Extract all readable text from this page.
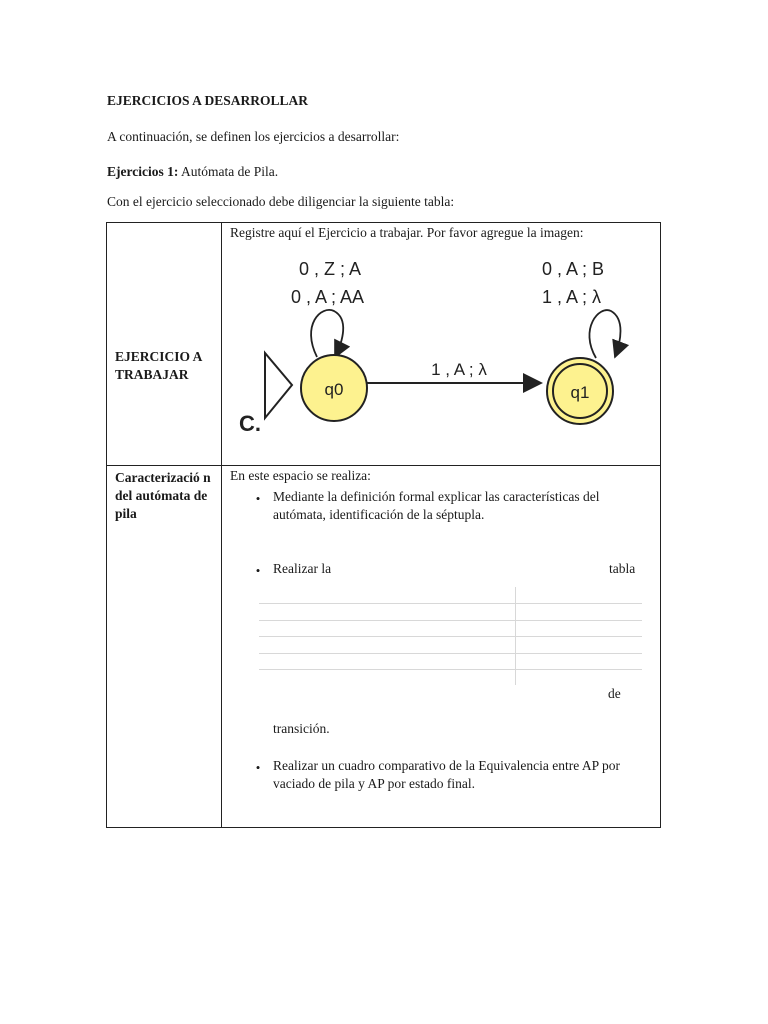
EJERCICIOS A DESARROLLAR
A continuación, se definen los ejercicios a desarrollar:
Ejercicios 1: Autómata de Pila.
Con el ejercicio seleccionado debe diligenciar la siguiente tabla:
EJERCICIO A
TRABAJAR
Registre aquí el Ejercicio a trabajar. Por favor agregue la imagen:
q0
1 , A ; λ
q1
0 , Z ; A
0 , A ; AA
0 , A ; B
1 , A ; λ
C.
Caracterizació n del autómata de pila
En este espacio se realiza:
• Mediante la definición formal explicar las características del autómata, identificación de la séptupla.
• Realizar la	tabla
de
transición.
• Realizar un cuadro comparativo de la Equivalencia entre AP por vaciado de pila y AP por estado final.
